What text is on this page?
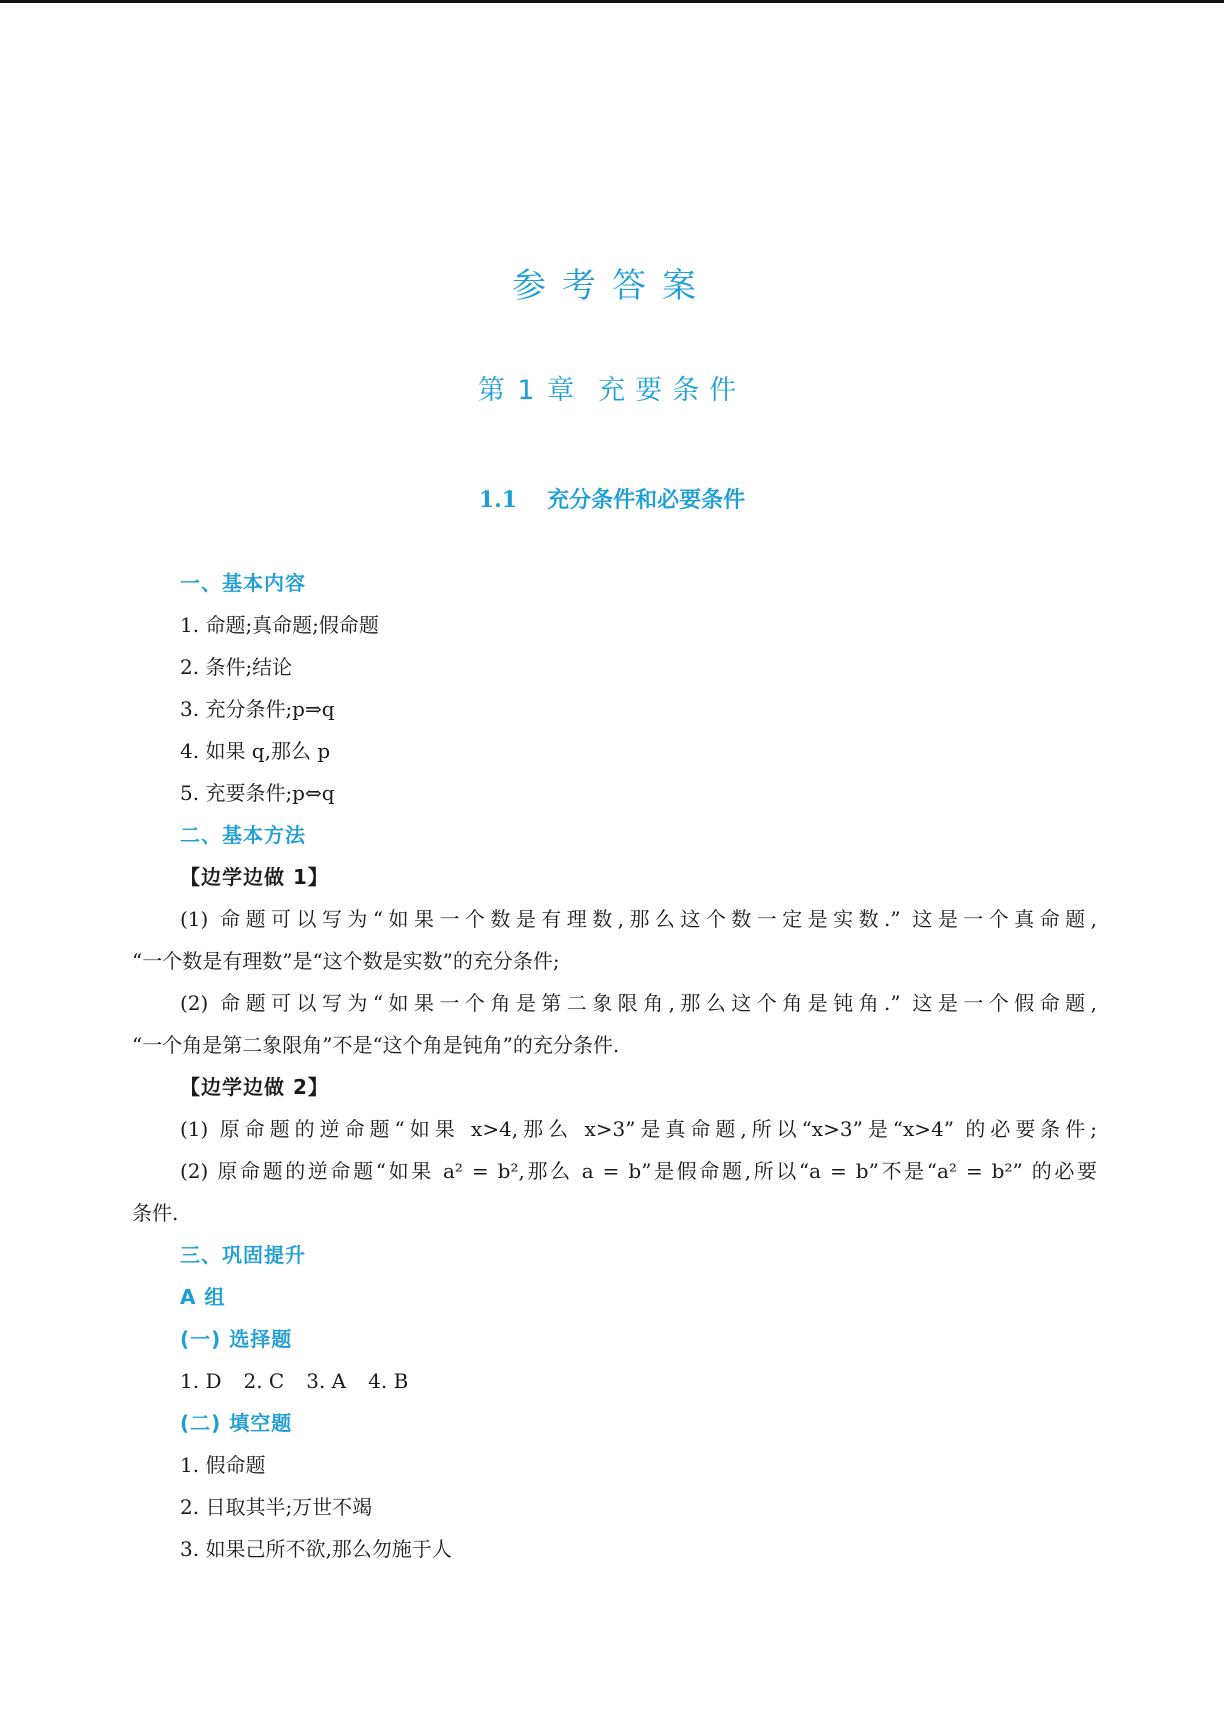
参考答案
第 1 章 充要条件
1.1 充分条件和必要条件
一、基本内容
1. 命题;真命题;假命题
2. 条件;结论
3. 充分条件;p⇒q
4. 如果 q,那么 p
5. 充要条件;p⇔q
二、基本方法
【边学边做 1】
(1) 命题可以写为“如果一个数是有理数,那么这个数一定是实数.” 这是一个真命题,
“一个数是有理数”是“这个数是实数”的充分条件;
(2) 命题可以写为“如果一个角是第二象限角,那么这个角是钝角.” 这是一个假命题,
“一个角是第二象限角”不是“这个角是钝角”的充分条件.
【边学边做 2】
(1) 原命题的逆命题“如果 x>4,那么 x>3”是真命题,所以“x>3”是“x>4” 的必要条件;
(2) 原命题的逆命题“如果 a² = b²,那么 a = b”是假命题,所以“a = b”不是“a² = b²” 的必要
条件.
三、巩固提升
A 组
(一) 选择题
1. D 2. C 3. A 4. B
(二) 填空题
1. 假命题
2. 日取其半;万世不竭
3. 如果己所不欲,那么勿施于人
